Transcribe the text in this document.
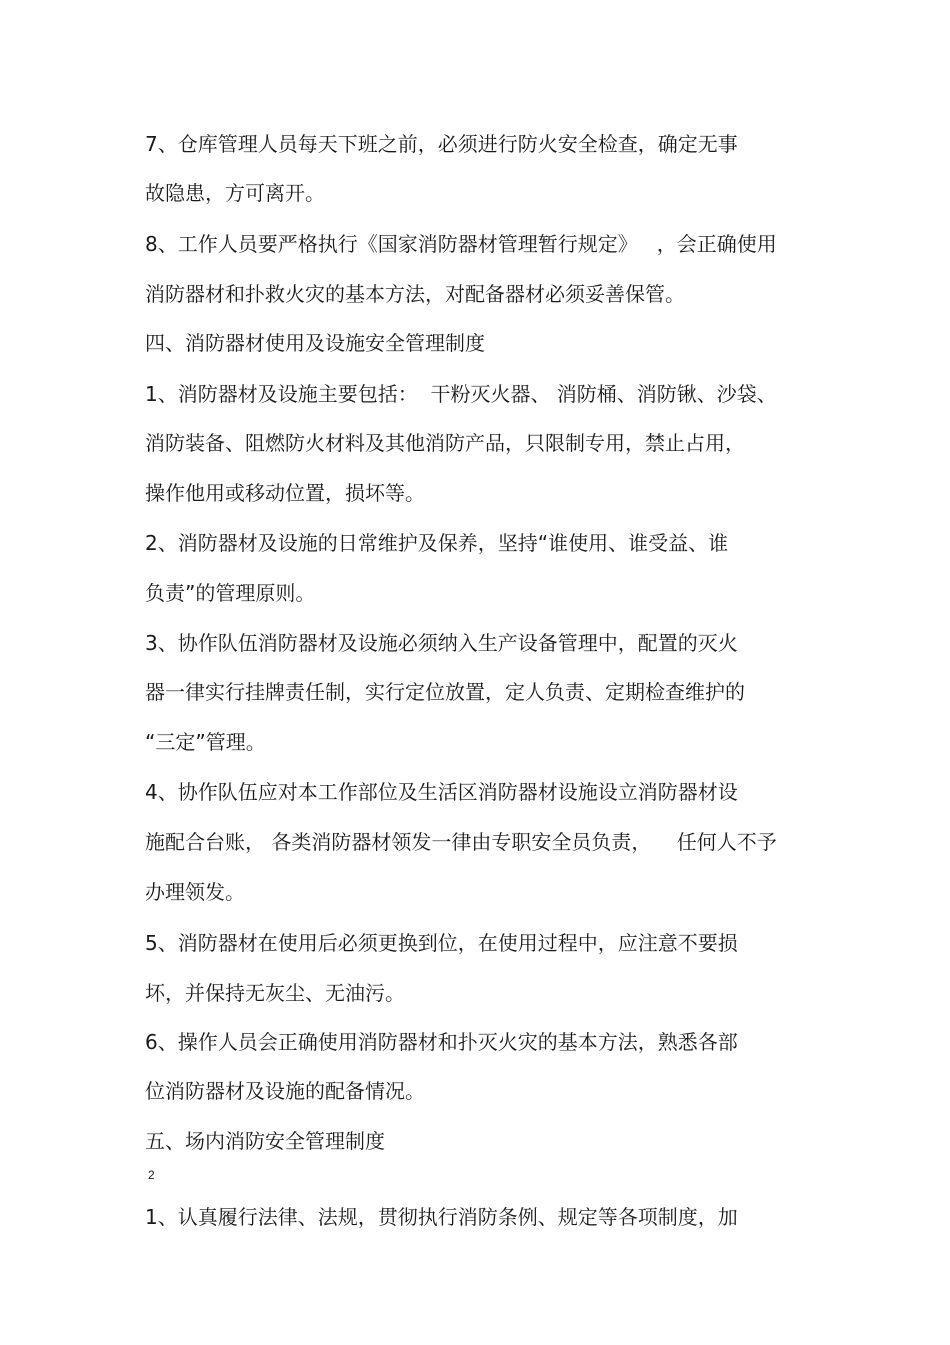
7、仓库管理人员每天下班之前，必须进行防火安全检查，确定无事

故隐患，方可离开。

8、工作人员要严格执行《国家消防器材管理暂行规定》   ，会正确使用

消防器材和扑救火灾的基本方法，对配备器材必须妥善保管。

四、消防器材使用及设施安全管理制度

1、消防器材及设施主要包括：  干粉灭火器、 消防桶、消防锹、沙袋、

消防装备、阻燃防火材料及其他消防产品，只限制专用，禁止占用，

操作他用或移动位置，损坏等。

2、消防器材及设施的日常维护及保养，坚持“谁使用、谁受益、谁

负责”的管理原则。

3、协作队伍消防器材及设施必须纳入生产设备管理中，配置的灭火

器一律实行挂牌责任制，实行定位放置，定人负责、定期检查维护的

“三定”管理。

4、协作队伍应对本工作部位及生活区消防器材设施设立消防器材设

施配合台账， 各类消防器材领发一律由专职安全员负责，    任何人不予

办理领发。

5、消防器材在使用后必须更换到位，在使用过程中，应注意不要损

坏，并保持无灰尘、无油污。

6、操作人员会正确使用消防器材和扑灭火灾的基本方法，熟悉各部

位消防器材及设施的配备情况。

五、场内消防安全管理制度

2

1、认真履行法律、法规，贯彻执行消防条例、规定等各项制度，加
